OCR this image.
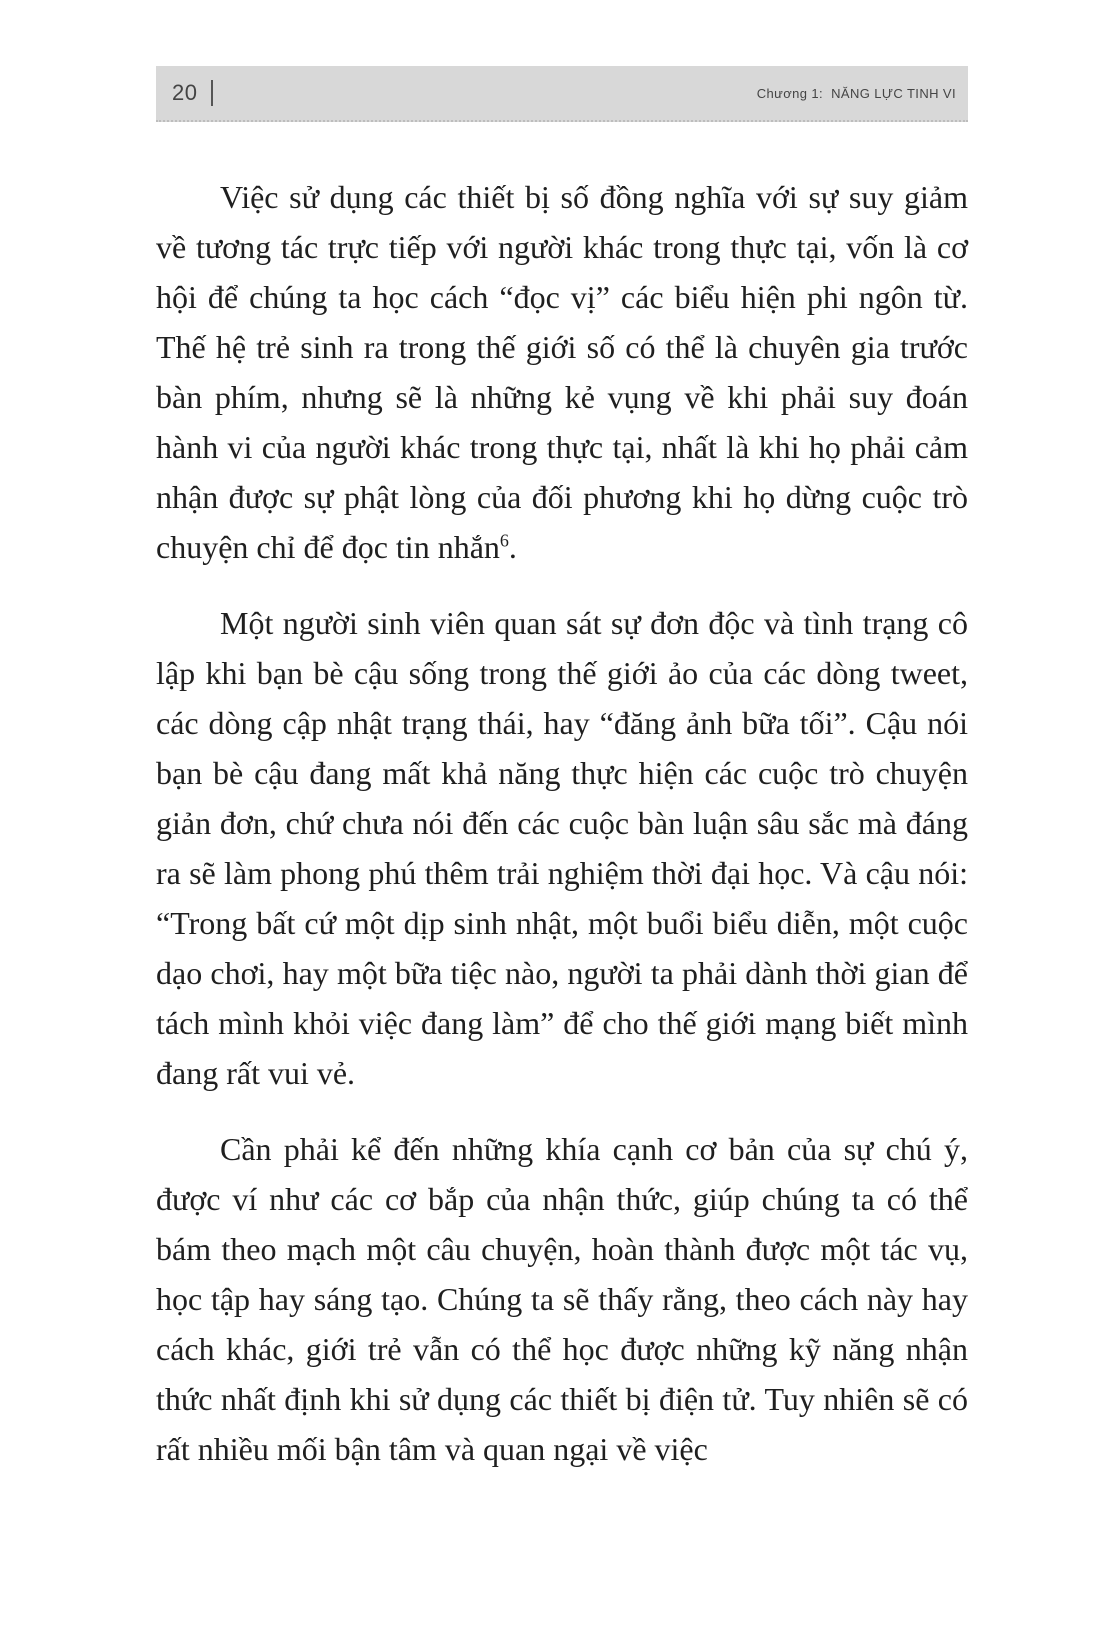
20	Chương 1: NĂNG LỰC TINH VI

Việc sử dụng các thiết bị số đồng nghĩa với sự suy giảm về tương tác trực tiếp với người khác trong thực tại, vốn là cơ hội để chúng ta học cách “đọc vị” các biểu hiện phi ngôn từ. Thế hệ trẻ sinh ra trong thế giới số có thể là chuyên gia trước bàn phím, nhưng sẽ là những kẻ vụng về khi phải suy đoán hành vi của người khác trong thực tại, nhất là khi họ phải cảm nhận được sự phật lòng của đối phương khi họ dừng cuộc trò chuyện chỉ để đọc tin nhắn$^6$.

Một người sinh viên quan sát sự đơn độc và tình trạng cô lập khi bạn bè cậu sống trong thế giới ảo của các dòng tweet, các dòng cập nhật trạng thái, hay “đăng ảnh bữa tối”. Cậu nói bạn bè cậu đang mất khả năng thực hiện các cuộc trò chuyện giản đơn, chứ chưa nói đến các cuộc bàn luận sâu sắc mà đáng ra sẽ làm phong phú thêm trải nghiệm thời đại học. Và cậu nói: “Trong bất cứ một dịp sinh nhật, một buổi biểu diễn, một cuộc dạo chơi, hay một bữa tiệc nào, người ta phải dành thời gian để tách mình khỏi việc đang làm” để cho thế giới mạng biết mình đang rất vui vẻ.

Cần phải kể đến những khía cạnh cơ bản của sự chú ý, được ví như các cơ bắp của nhận thức, giúp chúng ta có thể bám theo mạch một câu chuyện, hoàn thành được một tác vụ, học tập hay sáng tạo. Chúng ta sẽ thấy rằng, theo cách này hay cách khác, giới trẻ vẫn có thể học được những kỹ năng nhận thức nhất định khi sử dụng các thiết bị điện tử. Tuy nhiên sẽ có rất nhiều mối bận tâm và quan ngại về việc
